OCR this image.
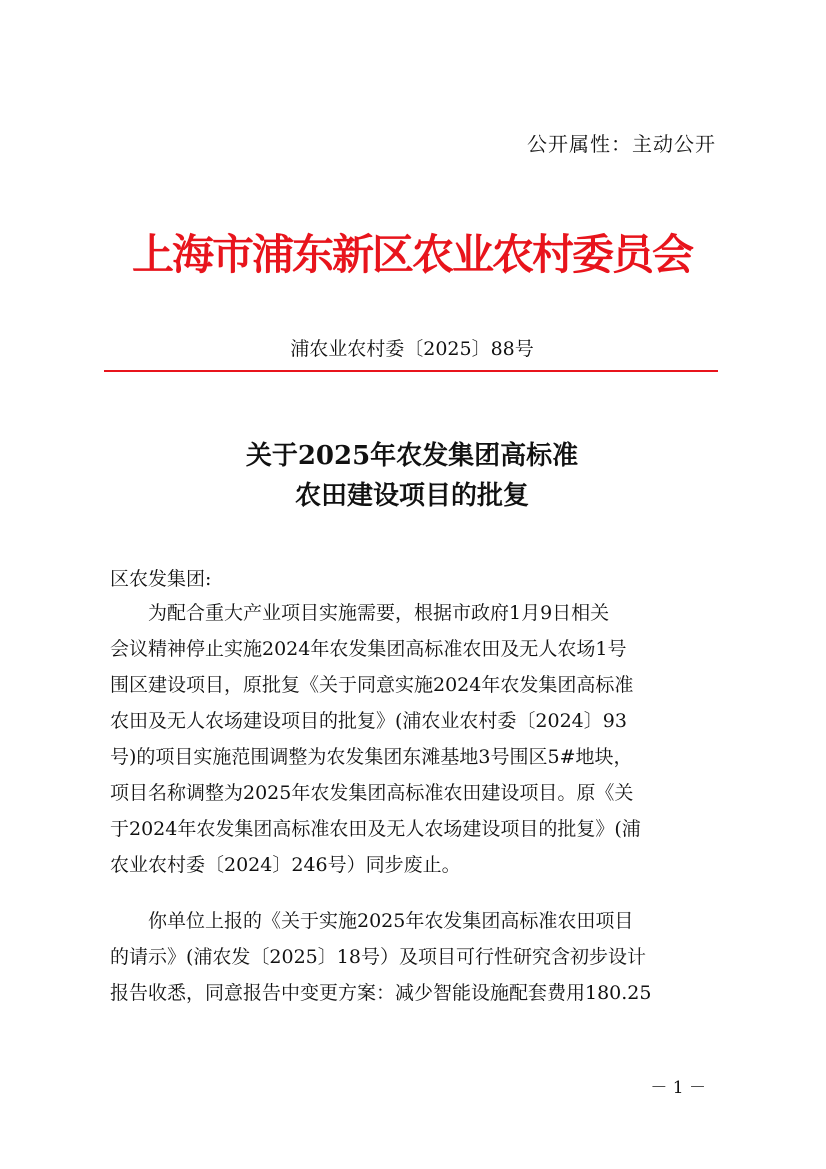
公开属性：主动公开
上海市浦东新区农业农村委员会
浦农业农村委〔2025〕88号
关于2025年农发集团高标准
农田建设项目的批复
区农发集团:
为配合重大产业项目实施需要，根据市政府1月9日相关
会议精神停止实施2024年农发集团高标准农田及无人农场1号
围区建设项目，原批复《关于同意实施2024年农发集团高标准
农田及无人农场建设项目的批复》(浦农业农村委〔2024〕93
号)的项目实施范围调整为农发集团东滩基地3号围区5#地块，
项目名称调整为2025年农发集团高标准农田建设项目。原《关
于2024年农发集团高标准农田及无人农场建设项目的批复》(浦
农业农村委〔2024〕246号）同步废止。
你单位上报的《关于实施2025年农发集团高标准农田项目
的请示》(浦农发〔2025〕18号）及项目可行性研究含初步设计
报告收悉，同意报告中变更方案：减少智能设施配套费用180.25
－ 1 －
